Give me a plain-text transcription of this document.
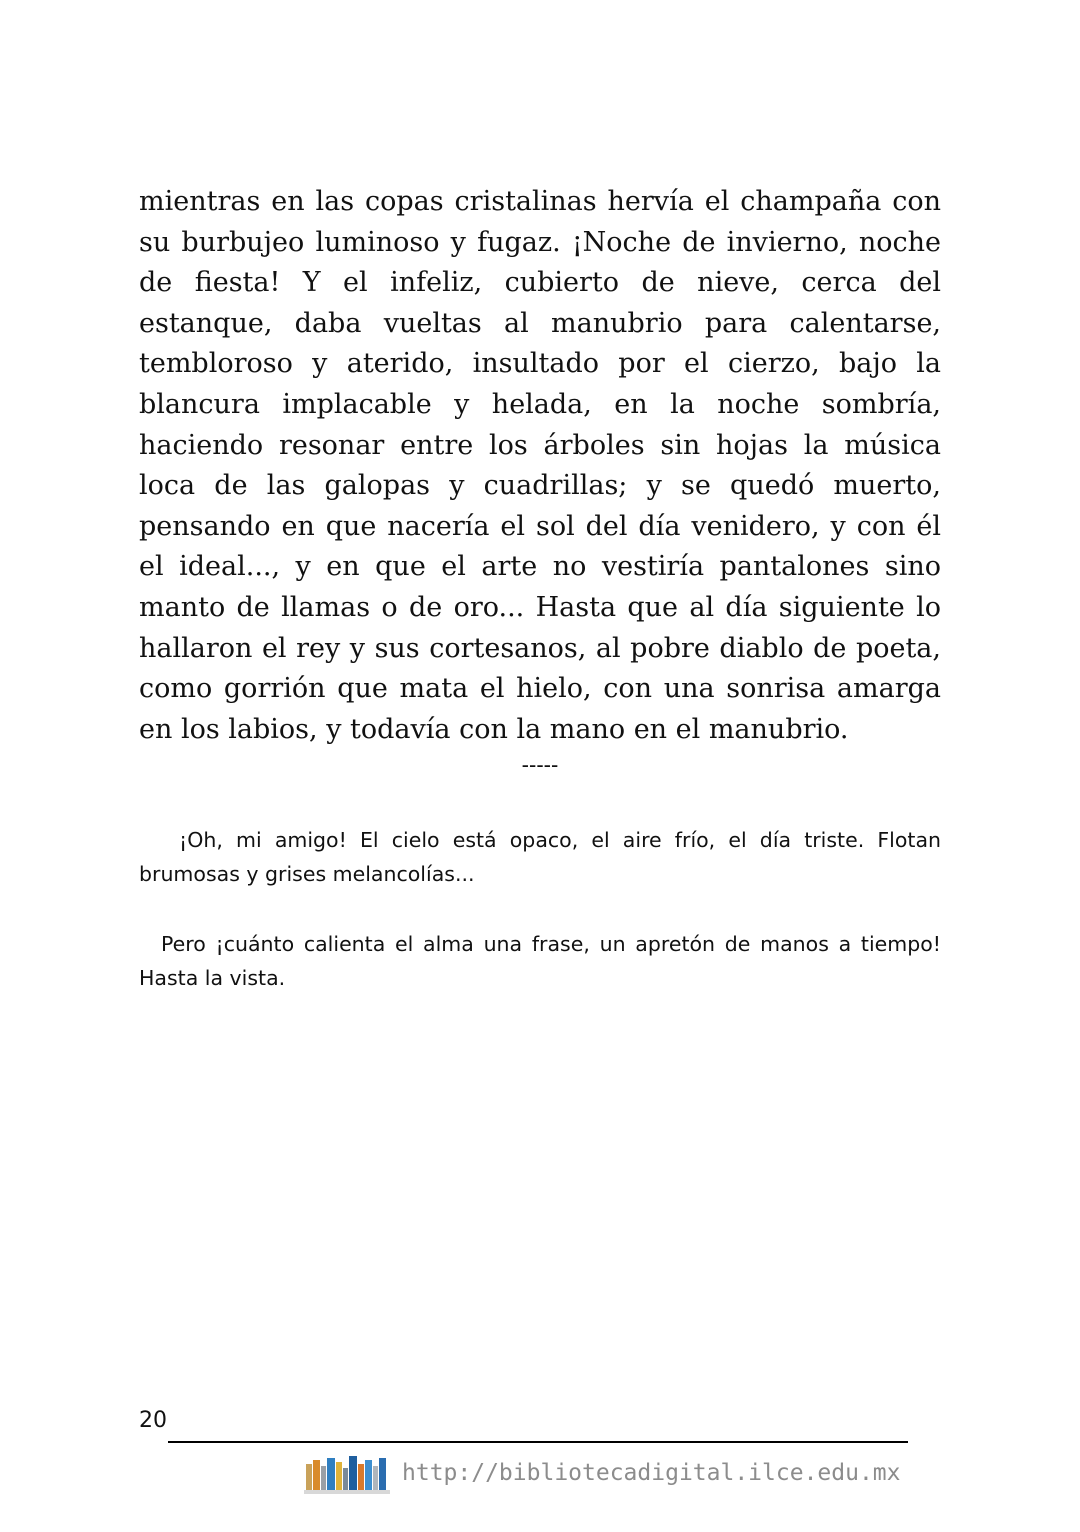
mientras en las copas cristalinas hervía el champaña con su burbujeo luminoso y fugaz. ¡Noche de invierno, noche de fiesta! Y el infeliz, cubierto de nieve, cerca del estanque, daba vueltas al manubrio para calentarse, tembloroso y aterido, insultado por el cierzo, bajo la blancura implacable y helada, en la noche sombría, haciendo resonar entre los árboles sin hojas la música loca de las galopas y cuadrillas; y se quedó muerto, pensando en que nacería el sol del día venidero, y con él el ideal..., y en que el arte no vestiría pantalones sino manto de llamas o de oro... Hasta que al día siguiente lo hallaron el rey y sus cortesanos, al pobre diablo de poeta, como gorrión que mata el hielo, con una sonrisa amarga en los labios, y todavía con la mano en el manubrio.

-----

¡Oh, mi amigo! El cielo está opaco, el aire frío, el día triste. Flotan brumosas y grises melancolías...

Pero ¡cuánto calienta el alma una frase, un apretón de manos a tiempo! Hasta la vista.

20
http://bibliotecadigital.ilce.edu.mx
